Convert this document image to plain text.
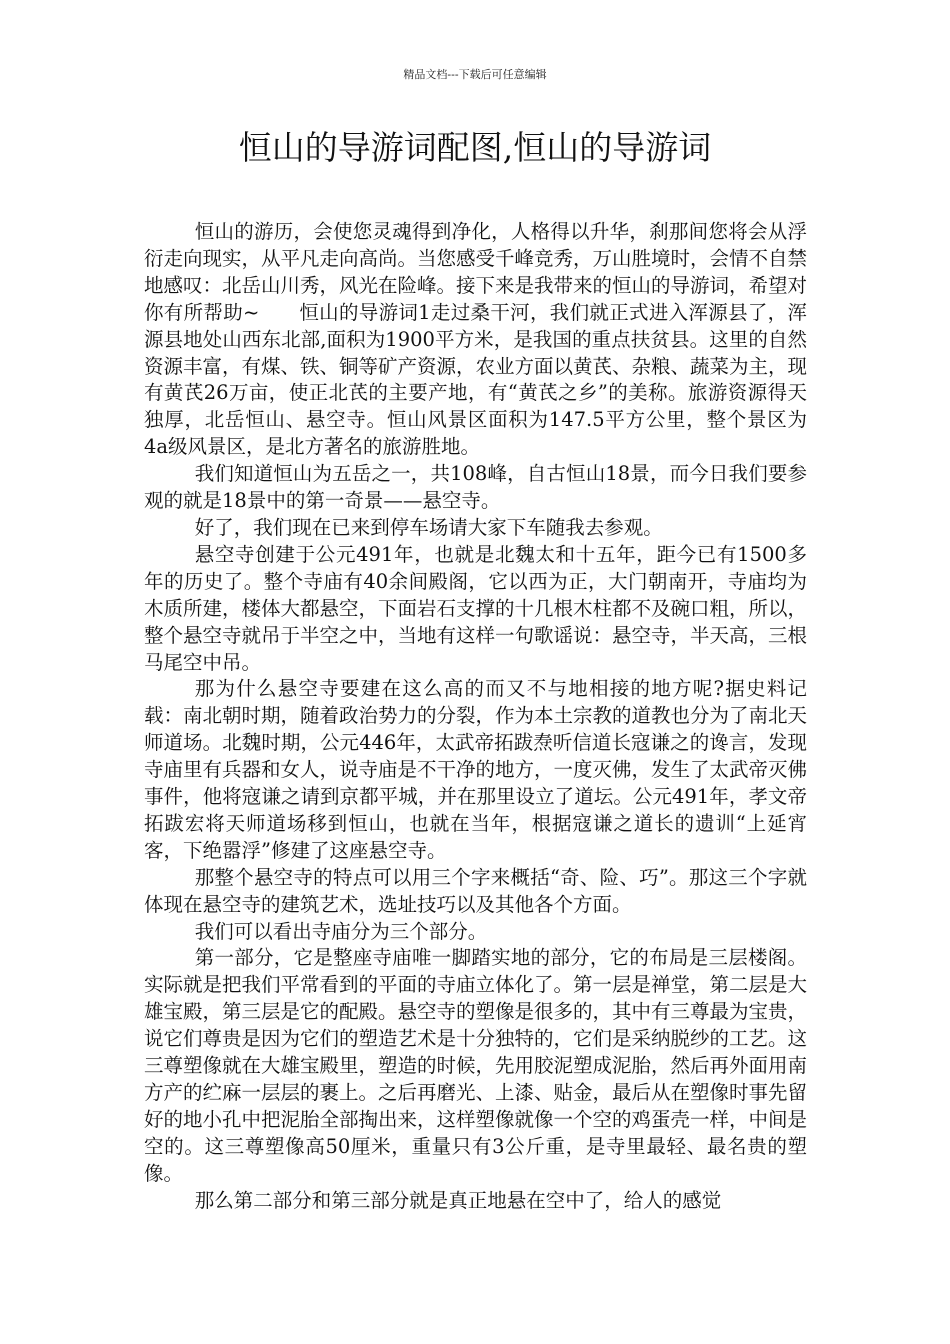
精品文档---下载后可任意编辑
恒山的导游词配图,恒山的导游词

恒山的游历，会使您灵魂得到净化，人格得以升华，刹那间您将会从浮衍走向现实，从平凡走向高尚。当您感受千峰竞秀，万山胜境时，会情不自禁地感叹：北岳山川秀，风光在险峰。接下来是我带来的恒山的导游词，希望对你有所帮助~　　恒山的导游词1走过桑干河，我们就正式进入浑源县了，浑源县地处山西东北部,面积为1900平方米，是我国的重点扶贫县。这里的自然资源丰富，有煤、铁、铜等矿产资源，农业方面以黄芪、杂粮、蔬菜为主，现有黄芪26万亩，使正北芪的主要产地，有“黄芪之乡”的美称。旅游资源得天独厚，北岳恒山、悬空寺。恒山风景区面积为147.5平方公里，整个景区为4a级风景区，是北方著名的旅游胜地。

我们知道恒山为五岳之一，共108峰，自古恒山18景，而今日我们要参观的就是18景中的第一奇景——悬空寺。

好了，我们现在已来到停车场请大家下车随我去参观。

悬空寺创建于公元491年，也就是北魏太和十五年，距今已有1500多年的历史了。整个寺庙有40余间殿阁，它以西为正，大门朝南开，寺庙均为木质所建，楼体大都悬空，下面岩石支撑的十几根木柱都不及碗口粗，所以，整个悬空寺就吊于半空之中，当地有这样一句歌谣说：悬空寺，半天高，三根马尾空中吊。

那为什么悬空寺要建在这么高的而又不与地相接的地方呢?据史料记载：南北朝时期，随着政治势力的分裂，作为本土宗教的道教也分为了南北天师道场。北魏时期，公元446年，太武帝拓跋焘听信道长寇谦之的谗言，发现寺庙里有兵器和女人，说寺庙是不干净的地方，一度灭佛，发生了太武帝灭佛事件，他将寇谦之请到京都平城，并在那里设立了道坛。公元491年，孝文帝拓跋宏将天师道场移到恒山，也就在当年，根据寇谦之道长的遗训“上延宵客，下绝嚣浮”修建了这座悬空寺。

那整个悬空寺的特点可以用三个字来概括“奇、险、巧”。那这三个字就体现在悬空寺的建筑艺术，选址技巧以及其他各个方面。

我们可以看出寺庙分为三个部分。

第一部分，它是整座寺庙唯一脚踏实地的部分，它的布局是三层楼阁。实际就是把我们平常看到的平面的寺庙立体化了。第一层是禅堂，第二层是大雄宝殿，第三层是它的配殿。悬空寺的塑像是很多的，其中有三尊最为宝贵，说它们尊贵是因为它们的塑造艺术是十分独特的，它们是采纳脱纱的工艺。这三尊塑像就在大雄宝殿里，塑造的时候，先用胶泥塑成泥胎，然后再外面用南方产的纻麻一层层的裹上。之后再磨光、上漆、贴金，最后从在塑像时事先留好的地小孔中把泥胎全部掏出来，这样塑像就像一个空的鸡蛋壳一样，中间是空的。这三尊塑像高50厘米，重量只有3公斤重，是寺里最轻、最名贵的塑像。

那么第二部分和第三部分就是真正地悬在空中了，给人的感觉
